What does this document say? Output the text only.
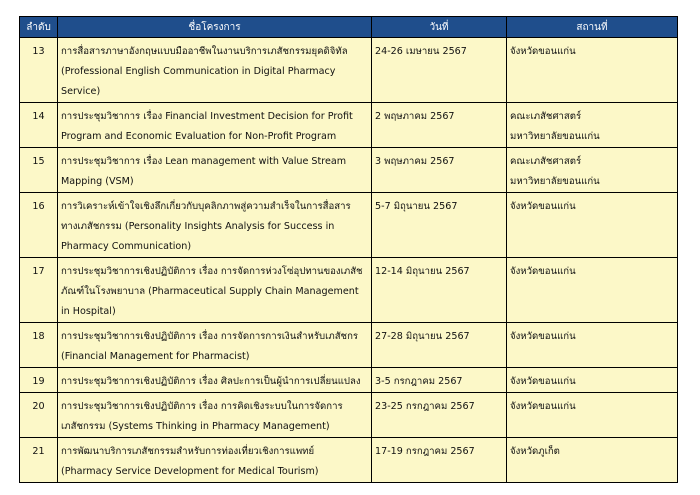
ลำดับ	ชื่อโครงการ	วันที่	สถานที่
13	การสื่อสารภาษาอังกฤษแบบมืออาชีพในงานบริการเภสัชกรรมยุคดิจิทัล
(Professional English Communication in Digital Pharmacy
Service)	24-26 เมษายน 2567	จังหวัดขอนแก่น

14	การประชุมวิชาการ เรื่อง Financial Investment Decision for Profit
Program and Economic Evaluation for Non-Profit Program	2 พฤษภาคม 2567	คณะเภสัชศาสตร์
มหาวิทยาลัยขอนแก่น

15	การประชุมวิชาการ เรื่อง Lean management with Value Stream
Mapping (VSM)	3 พฤษภาคม 2567	คณะเภสัชศาสตร์
มหาวิทยาลัยขอนแก่น

16	การวิเคราะห์เข้าใจเชิงลึกเกี่ยวกับบุคลิกภาพสู่ความสำเร็จในการสื่อสาร
ทางเภสัชกรรม (Personality Insights Analysis for Success in
Pharmacy Communication)	5-7 มิถุนายน 2567	จังหวัดขอนแก่น

17	การประชุมวิชาการเชิงปฏิบัติการ เรื่อง การจัดการห่วงโซ่อุปทานของเภสัช
ภัณฑ์ในโรงพยาบาล (Pharmaceutical Supply Chain Management
in Hospital)	12-14 มิถุนายน 2567	จังหวัดขอนแก่น

18	การประชุมวิชาการเชิงปฏิบัติการ เรื่อง การจัดการการเงินสำหรับเภสัชกร
(Financial Management for Pharmacist)	27-28 มิถุนายน 2567	จังหวัดขอนแก่น

19	การประชุมวิชาการเชิงปฏิบัติการ เรื่อง ศิลปะการเป็นผู้นำการเปลี่ยนแปลง	3-5 กรกฎาคม 2567	จังหวัดขอนแก่น

20	การประชุมวิชาการเชิงปฏิบัติการ เรื่อง การคิดเชิงระบบในการจัดการ
เภสัชกรรม (Systems Thinking in Pharmacy Management)	23-25 กรกฎาคม 2567	จังหวัดขอนแก่น

21	การพัฒนาบริการเภสัชกรรมสำหรับการท่องเที่ยวเชิงการแพทย์
(Pharmacy Service Development for Medical Tourism)	17-19 กรกฎาคม 2567	จังหวัดภูเก็ต
